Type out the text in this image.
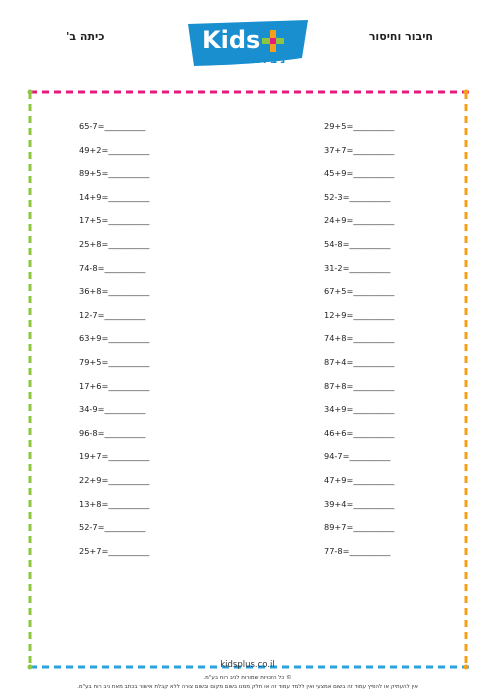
כיתה ב'	חיבור וחיסור
Kids
ניב רוח
65-7=__________
49+2=__________
89+5=__________
14+9=__________
17+5=__________
25+8=__________
74-8=__________
36+8=__________
12-7=__________
63+9=__________
79+5=__________
17+6=__________
34-9=__________
96-8=__________
19+7=__________
22+9=__________
13+8=__________
52-7=__________
25+7=__________
29+5=__________
37+7=__________
45+9=__________
52-3=__________
24+9=__________
54-8=__________
31-2=__________
67+5=__________
12+9=__________
74+8=__________
87+4=__________
87+8=__________
34+9=__________
46+6=__________
94-7=__________
47+9=__________
39+4=__________
89+7=__________
77-8=__________
kidsplus.co.il
© כל הזכויות שמורות לניב רוח בע"מ.
אין להעתיק או להפיץ עמוד זה בשום אמצעי ואין ללמד עמוד זה או חלק ממנו בשום מקום ובשום צורה ללא קבלת אישור בכתב מאת ניב רוח בע"מ.
